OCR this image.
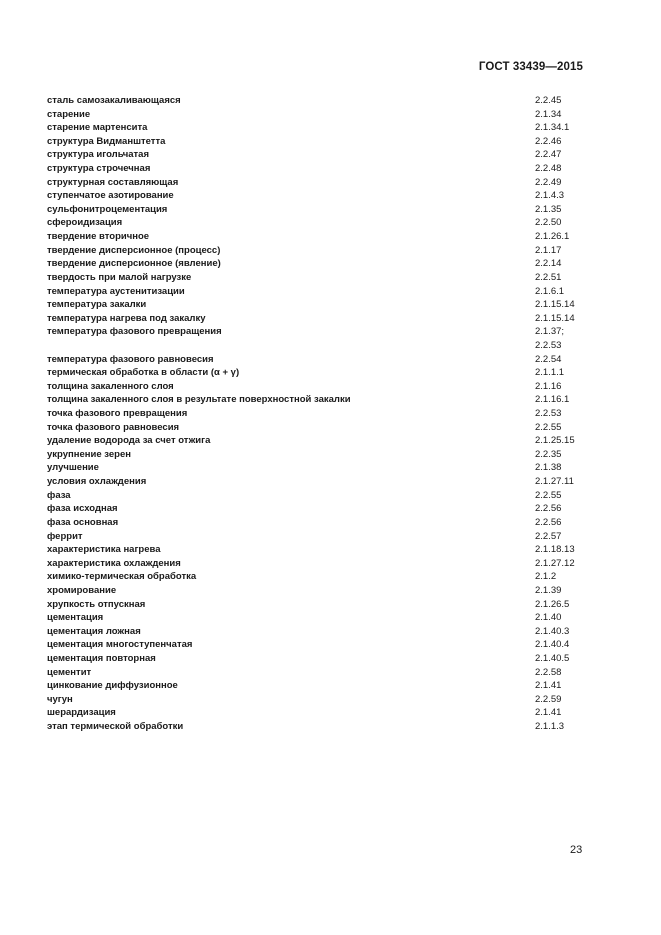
ГОСТ 33439—2015
сталь самозакаливающаяся	2.2.45
старение	2.1.34
старение мартенсита	2.1.34.1
структура Видманштетта	2.2.46
структура игольчатая	2.2.47
структура строчечная	2.2.48
структурная составляющая	2.2.49
ступенчатое азотирование	2.1.4.3
сульфонитроцементация	2.1.35
сфероидизация	2.2.50
твердение вторичное	2.1.26.1
твердение дисперсионное (процесс)	2.1.17
твердение дисперсионное (явление)	2.2.14
твердость при малой нагрузке	2.2.51
температура аустенитизации	2.1.6.1
температура закалки	2.1.15.14
температура нагрева под закалку	2.1.15.14
температура фазового превращения	2.1.37;
2.2.53
температура фазового равновесия	2.2.54
термическая обработка в области (α + γ)	2.1.1.1
толщина закаленного слоя	2.1.16
толщина закаленного слоя в результате поверхностной закалки	2.1.16.1
точка фазового превращения	2.2.53
точка фазового равновесия	2.2.55
удаление водорода за счет отжига	2.1.25.15
укрупнение зерен	2.2.35
улучшение	2.1.38
условия охлаждения	2.1.27.11
фаза	2.2.55
фаза исходная	2.2.56
фаза основная	2.2.56
феррит	2.2.57
характеристика нагрева	2.1.18.13
характеристика охлаждения	2.1.27.12
химико-термическая обработка	2.1.2
хромирование	2.1.39
хрупкость отпускная	2.1.26.5
цементация	2.1.40
цементация ложная	2.1.40.3
цементация многоступенчатая	2.1.40.4
цементация повторная	2.1.40.5
цементит	2.2.58
цинкование диффузионное	2.1.41
чугун	2.2.59
шерардизация	2.1.41
этап термической обработки	2.1.1.3
23
